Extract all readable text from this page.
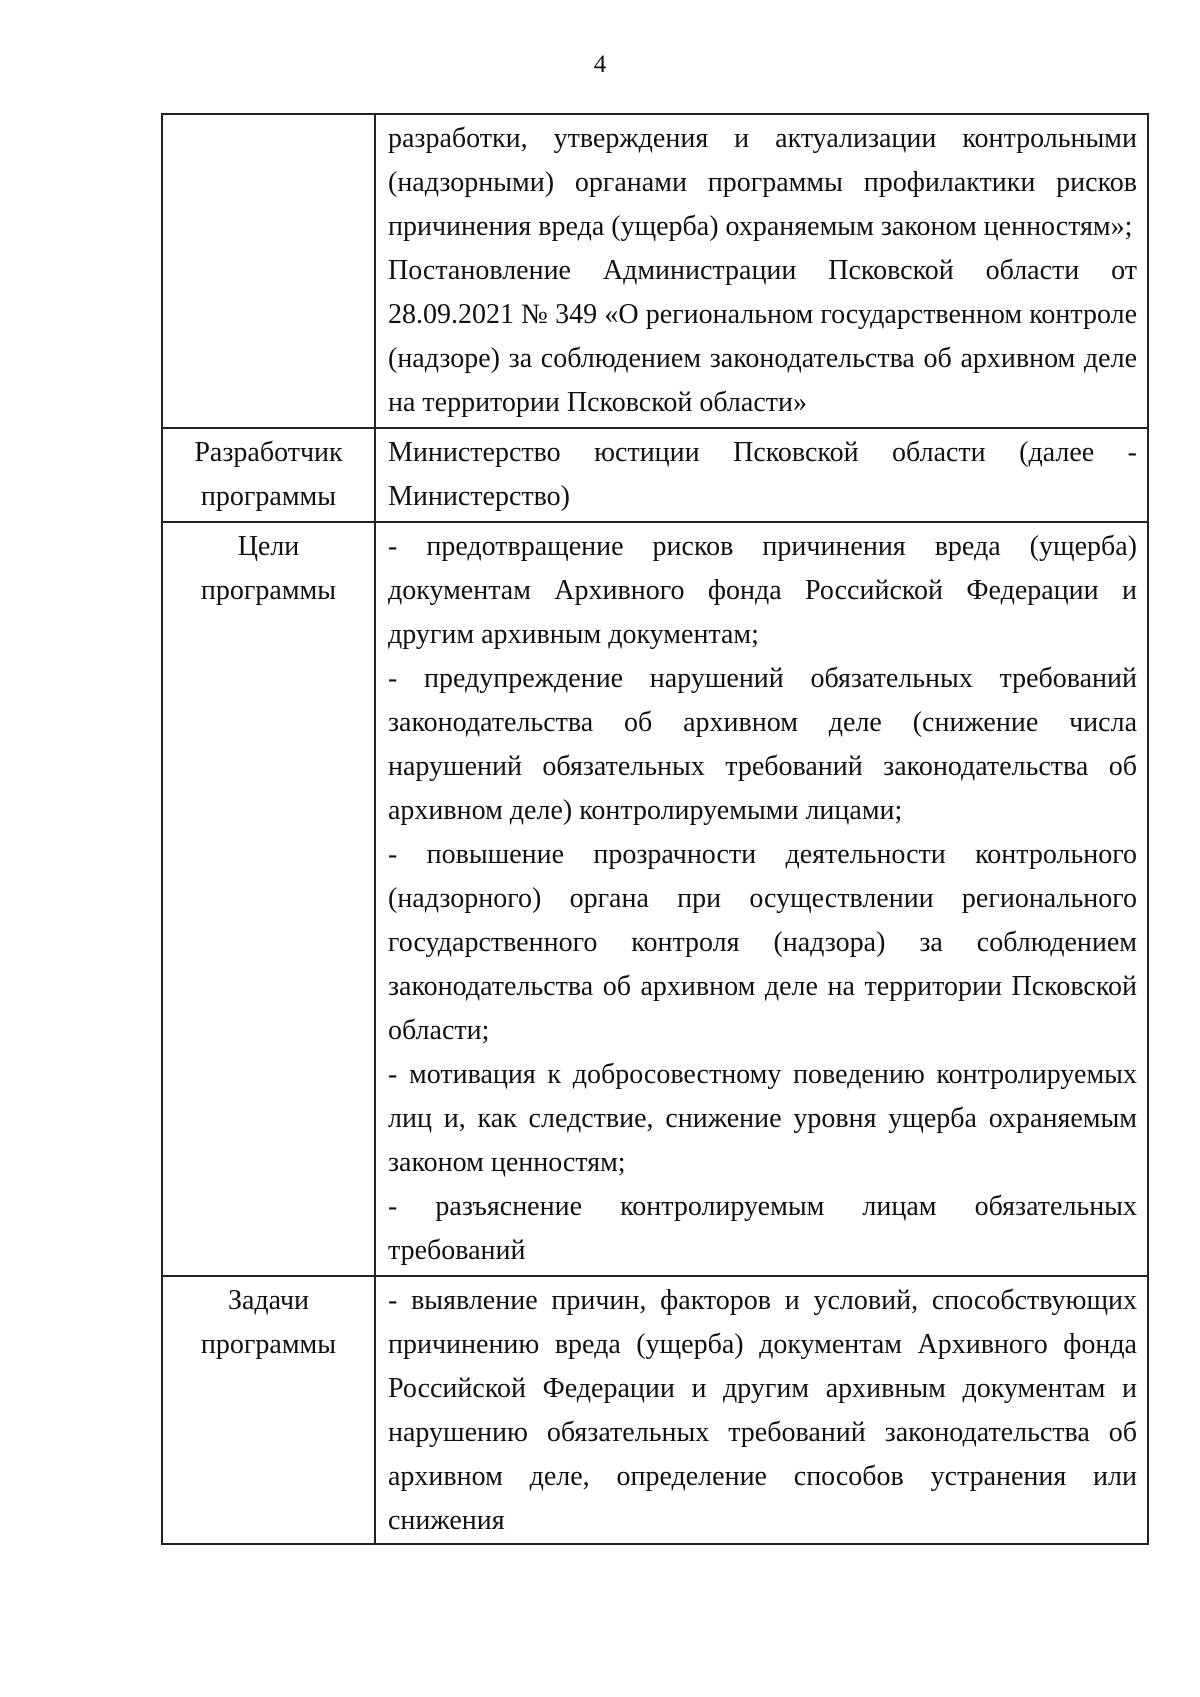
4

	разработки, утверждения и актуализации контрольными (надзорными) органами программы профилактики рисков причинения вреда (ущерба) охраняемым законом ценностям»;
Постановление Администрации Псковской области от 28.09.2021 № 349 «О региональном государственном контроле (надзоре) за соблюдением законодательства об архивном деле на территории Псковской области»

Разработчик
программы	Министерство юстиции Псковской области (далее - Министерство)

Цели
программы	- предотвращение рисков причинения вреда (ущерба) документам Архивного фонда Российской Федерации и другим архивным документам;
- предупреждение нарушений обязательных требований законодательства об архивном деле (снижение числа нарушений обязательных требований законодательства об архивном деле) контролируемыми лицами;
- повышение прозрачности деятельности контрольного (надзорного) органа при осуществлении регионального государственного контроля (надзора) за соблюдением законодательства об архивном деле на территории Псковской области;
- мотивация к добросовестному поведению контролируемых лиц и, как следствие, снижение уровня ущерба охраняемым законом ценностям;
- разъяснение контролируемым лицам обязательных требований

Задачи
программы	- выявление причин, факторов и условий, способствующих причинению вреда (ущерба) документам Архивного фонда Российской Федерации и другим архивным документам и нарушению обязательных требований законодательства об архивном деле, определение способов устранения или снижения
